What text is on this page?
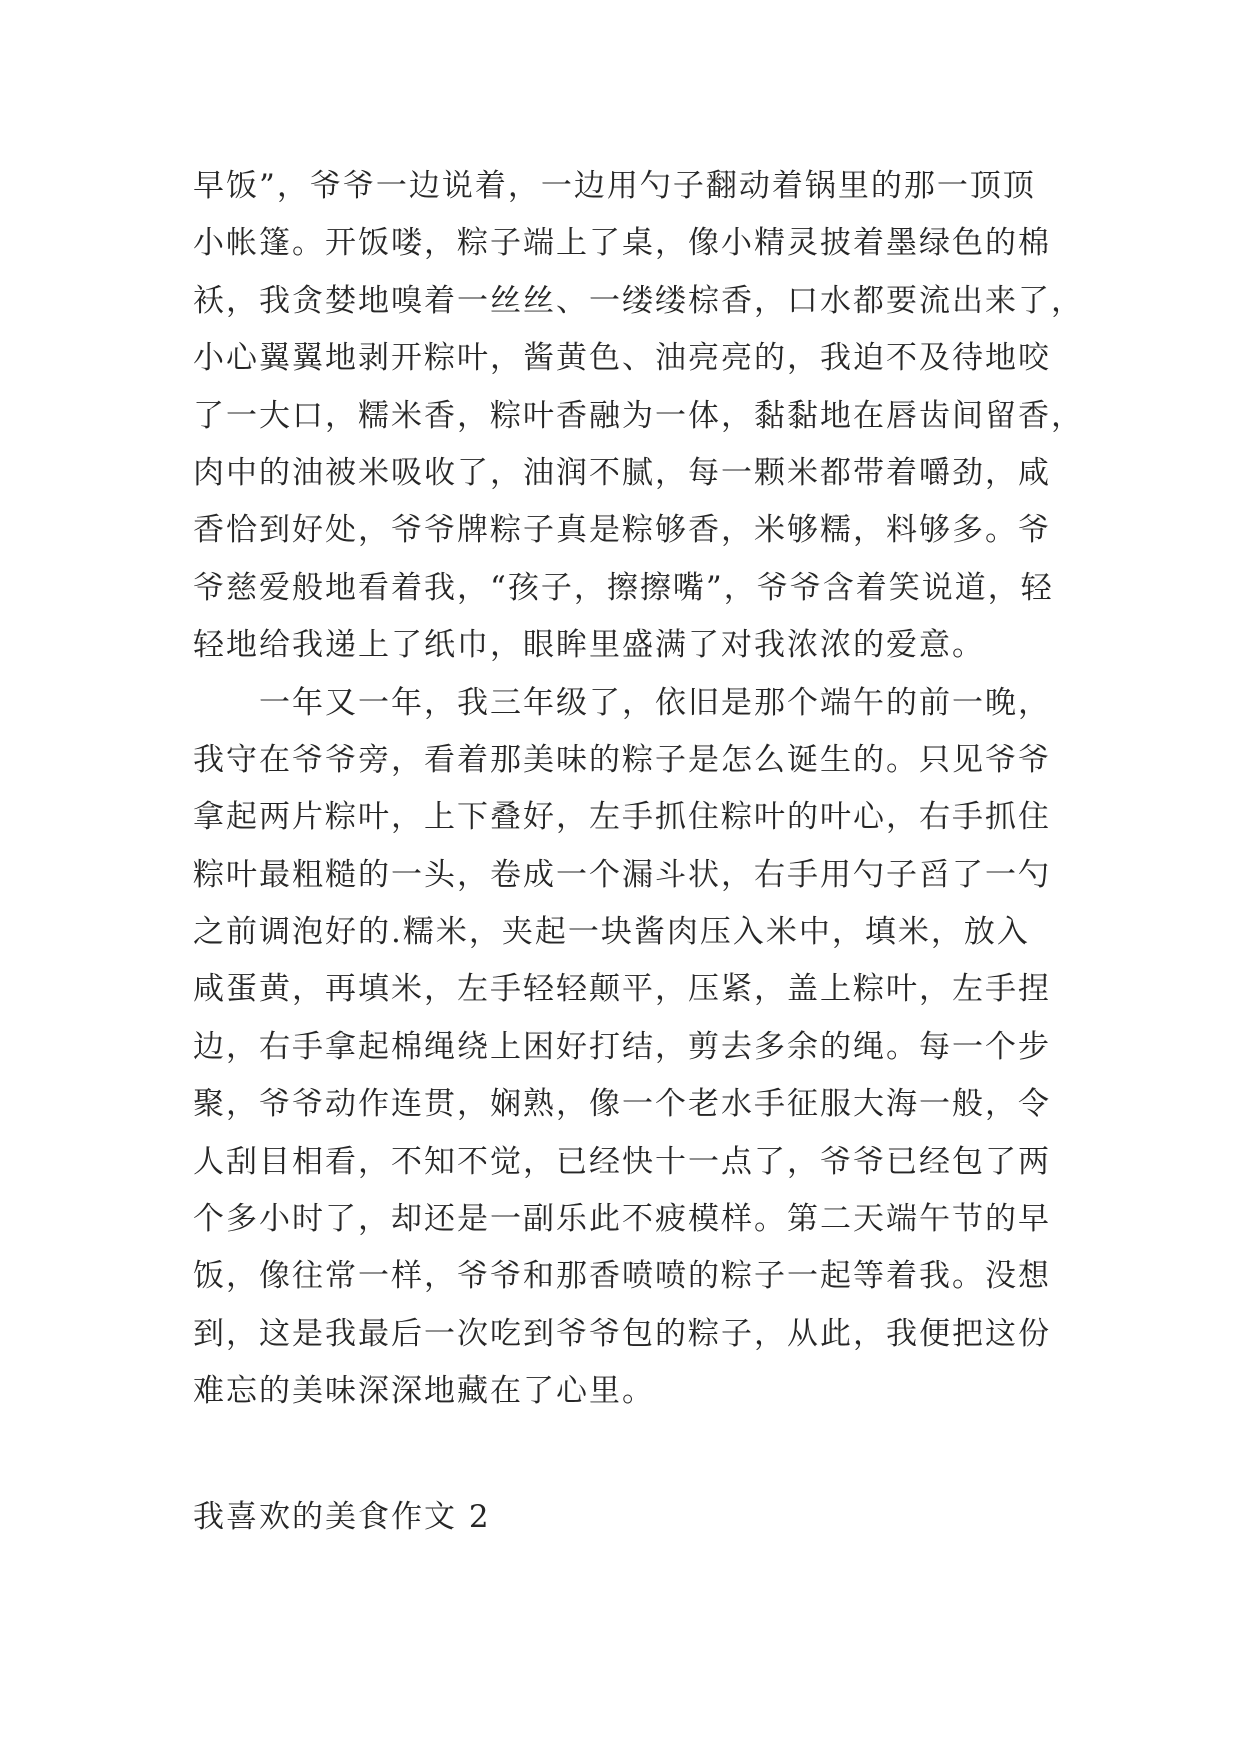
早饭”，爷爷一边说着，一边用勺子翻动着锅里的那一顶顶
小帐篷。开饭喽，粽子端上了桌，像小精灵披着墨绿色的棉
袄，我贪婪地嗅着一丝丝、一缕缕棕香，口水都要流出来了，
小心翼翼地剥开粽叶，酱黄色、油亮亮的，我迫不及待地咬
了一大口，糯米香，粽叶香融为一体，黏黏地在唇齿间留香，
肉中的油被米吸收了，油润不腻，每一颗米都带着嚼劲，咸
香恰到好处，爷爷牌粽子真是粽够香，米够糯，料够多。爷
爷慈爱般地看着我，“孩子，擦擦嘴”，爷爷含着笑说道，轻
轻地给我递上了纸巾，眼眸里盛满了对我浓浓的爱意。
　　一年又一年，我三年级了，依旧是那个端午的前一晚，
我守在爷爷旁，看着那美味的粽子是怎么诞生的。只见爷爷
拿起两片粽叶，上下叠好，左手抓住粽叶的叶心，右手抓住
粽叶最粗糙的一头，卷成一个漏斗状，右手用勺子舀了一勺
之前调泡好的.糯米，夹起一块酱肉压入米中，填米，放入
咸蛋黄，再填米，左手轻轻颠平，压紧，盖上粽叶，左手捏
边，右手拿起棉绳绕上困好打结，剪去多余的绳。每一个步
聚，爷爷动作连贯，娴熟，像一个老水手征服大海一般，令
人刮目相看，不知不觉，已经快十一点了，爷爷已经包了两
个多小时了，却还是一副乐此不疲模样。第二天端午节的早
饭，像往常一样，爷爷和那香喷喷的粽子一起等着我。没想
到，这是我最后一次吃到爷爷包的粽子，从此，我便把这份
难忘的美味深深地藏在了心里。
我喜欢的美食作文 2
